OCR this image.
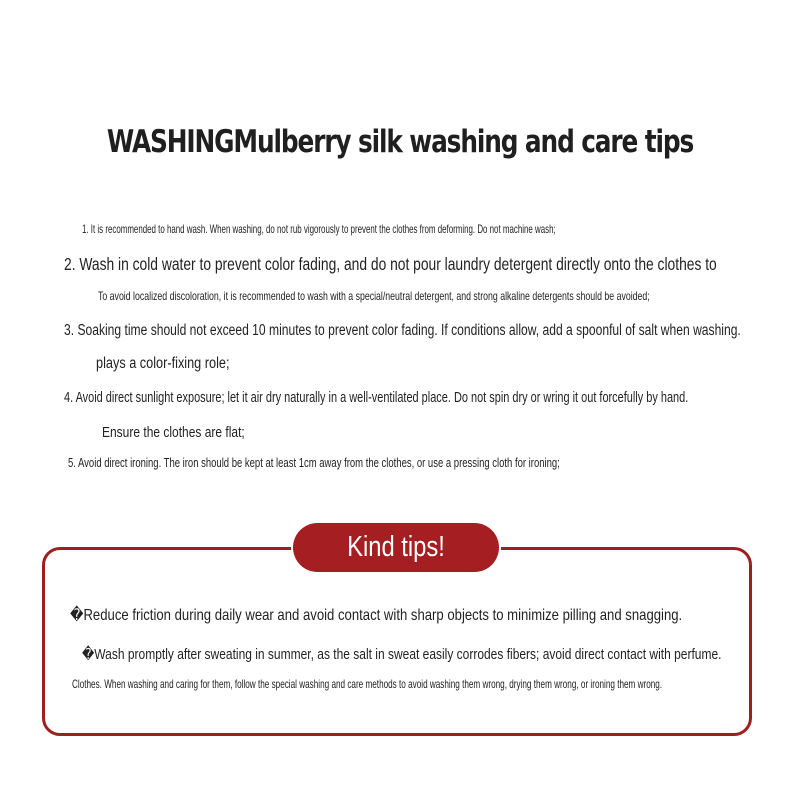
WASHINGMulberry silk washing and care tips
1. It is recommended to hand wash. When washing, do not rub vigorously to prevent the clothes from deforming. Do not machine wash;
2. Wash in cold water to prevent color fading, and do not pour laundry detergent directly onto the clothes to
To avoid localized discoloration, it is recommended to wash with a special/neutral detergent, and strong alkaline detergents should be avoided;
3. Soaking time should not exceed 10 minutes to prevent color fading. If conditions allow, add a spoonful of salt when washing.
plays a color-fixing role;
4. Avoid direct sunlight exposure; let it air dry naturally in a well-ventilated place. Do not spin dry or wring it out forcefully by hand.
Ensure the clothes are flat;
5. Avoid direct ironing. The iron should be kept at least 1cm away from the clothes, or use a pressing cloth for ironing;
Kind tips!
�Reduce friction during daily wear and avoid contact with sharp objects to minimize pilling and snagging.
�Wash promptly after sweating in summer, as the salt in sweat easily corrodes fibers; avoid direct contact with perfume.
Clothes. When washing and caring for them, follow the special washing and care methods to avoid washing them wrong, drying them wrong, or ironing them wrong.
